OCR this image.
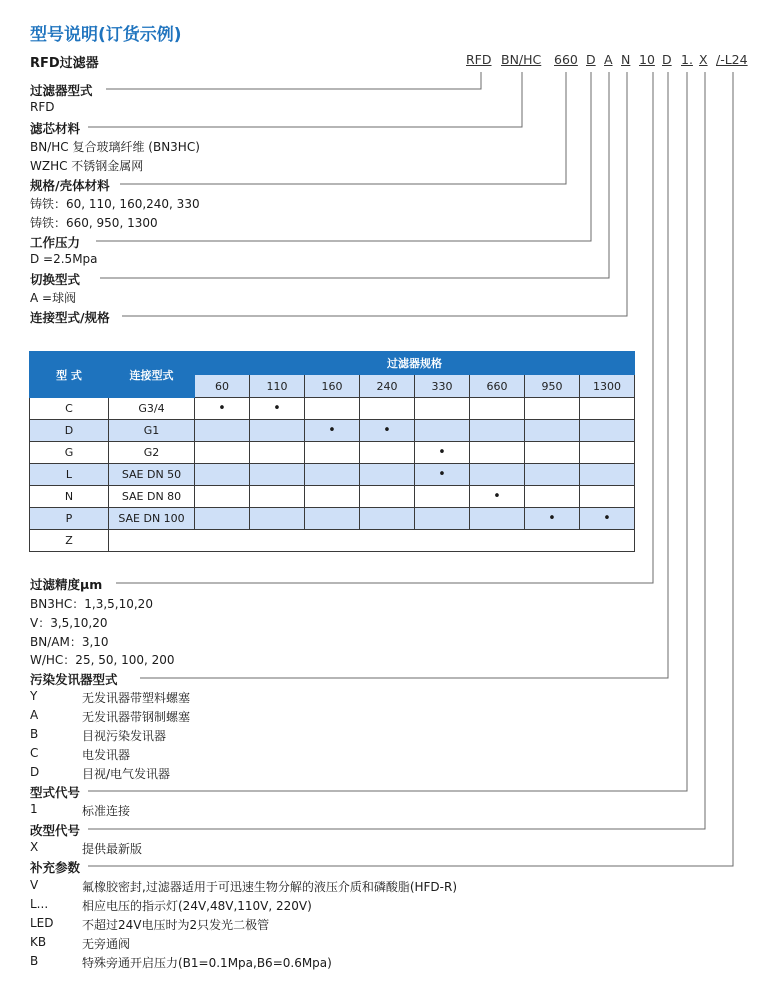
型号说明(订货示例)
RFD过滤器	RFD BN/HC 660 D A N 10 D 1. X /-L24
过滤器型式
RFD
滤芯材料
BN/HC 复合玻璃纤维 (BN3HC)
WZHC 不锈钢金属网
规格/壳体材料
铸铁：60, 110, 160,240, 330
铸铁：660, 950, 1300
工作压力
D =2.5Mpa
切换型式
A =球阀
连接型式/规格
型 式	连接型式	过滤器规格							
		60	110	160	240	330	660	950	1300
C	G3/4	•	•						
D	G1			•	•				
G	G2					•			
L	SAE DN 50					•			
N	SAE DN 80						•		
P	SAE DN 100							•	•
Z									
过滤精度μm
BN3HC：1,3,5,10,20
V：3,5,10,20
BN/AM：3,10
W/HC：25, 50, 100, 200
污染发讯器型式
Y	无发讯器带塑料螺塞
A	无发讯器带钢制螺塞
B	目视污染发讯器
C	电发讯器
D	目视/电气发讯器
型式代号
1	标准连接
改型代号
X	提供最新版
补充参数
V	氟橡胶密封,过滤器适用于可迅速生物分解的液压介质和磷酸脂(HFD-R)
L...	相应电压的指示灯(24V,48V,110V, 220V)
LED 不超过24V电压时为2只发光二极管
KB	无旁通阀
B	特殊旁通开启压力(B1=0.1Mpa,B6=0.6Mpa)
